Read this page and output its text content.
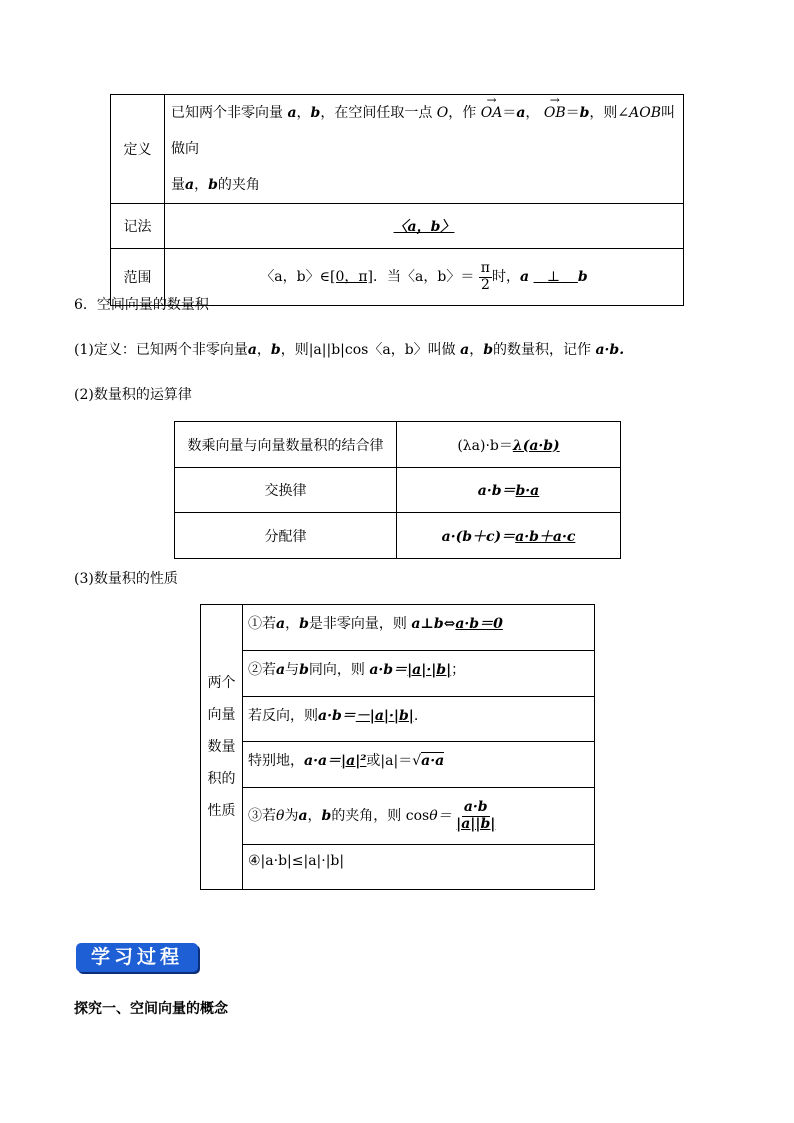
定义	已知两个非零向量 a，b，在空间任取一点 O，作 → OA＝a， → OB＝b，则∠AOB叫做向
量a，b的夹角
记法	〈a，b〉
范围	〈a，b〉∈[0，π]．当〈a，b〉＝ $\frac{\pi}{2}$ 时，a ⊥ b
6．空间向量的数量积
(1)定义：已知两个非零向量a，b，则|a||b|cos〈a，b〉叫做 a，b的数量积，记作 a·b.
(2)数量积的运算律
数乘向量与向量数量积的结合律	(λa)·b＝λ(a·b)
交换律	a·b＝b·a
分配律	a·(b＋c)＝a·b＋a·c
(3)数量积的性质
两个
向量
数量
积的
性质	①若a，b是非零向量，则 a⊥b⇔a·b＝0
②若a与b同向，则 a·b＝|a|·|b|；
若反向，则a·b＝－|a|·|b|.
特别地，a·a＝|a|²或|a|＝√a·a
③若θ为a，b的夹角，则 $\cos\theta= \frac{a\cdot b}{|a||b|}$

④|a·b|≤|a|·|b|
学习过程
探究一、空间向量的概念
